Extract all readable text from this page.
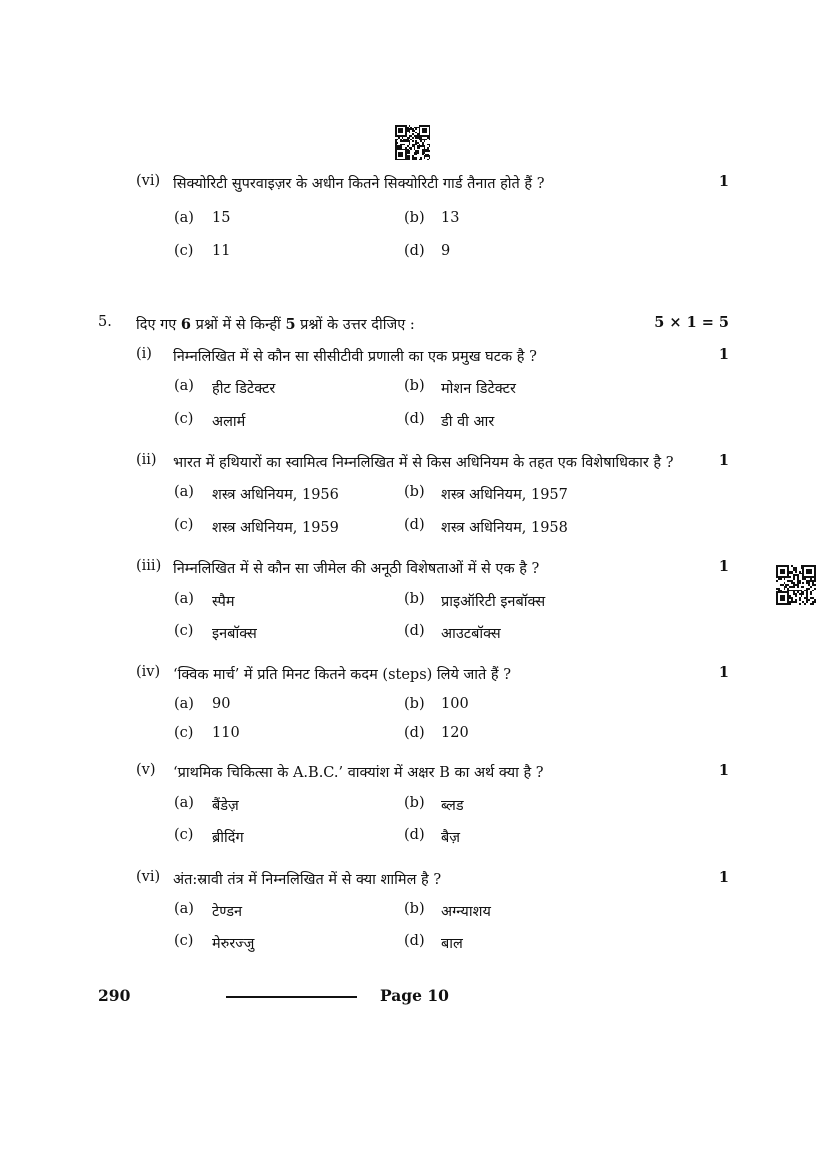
(vi) सिक्योरिटी सुपरवाइज़र के अधीन कितने सिक्योरिटी गार्ड तैनात होते हैं ?	1
(a) 15	(b) 13
(c) 11	(d) 9
5. दिए गए 6 प्रश्नों में से किन्हीं 5 प्रश्नों के उत्तर दीजिए :	5 × 1 = 5
(i) निम्नलिखित में से कौन सा सीसीटीवी प्रणाली का एक प्रमुख घटक है ?	1
(a) हीट डिटेक्टर	(b) मोशन डिटेक्टर
(c) अलार्म	(d) डी वी आर
(ii) भारत में हथियारों का स्वामित्व निम्नलिखित में से किस अधिनियम के तहत एक विशेषाधिकार है ?	1
(a) शस्त्र अधिनियम, 1956	(b) शस्त्र अधिनियम, 1957
(c) शस्त्र अधिनियम, 1959	(d) शस्त्र अधिनियम, 1958
(iii) निम्नलिखित में से कौन सा जीमेल की अनूठी विशेषताओं में से एक है ?	1
(a) स्पैम	(b) प्राइऑरिटी इनबॉक्स
(c) इनबॉक्स	(d) आउटबॉक्स
(iv) ‘क्विक मार्च’ में प्रति मिनट कितने कदम (steps) लिये जाते हैं ?	1
(a) 90	(b) 100
(c) 110	(d) 120
(v) ‘प्राथमिक चिकित्सा के A.B.C.’ वाक्यांश में अक्षर B का अर्थ क्या है ?	1
(a) बैंडेज़	(b) ब्लड
(c) ब्रीदिंग	(d) बैज़
(vi) अंत:स्रावी तंत्र में निम्नलिखित में से क्या शामिल है ?	1
(a) टेण्डन	(b) अग्न्याशय
(c) मेरुरज्जु	(d) बाल
290	Page 10
